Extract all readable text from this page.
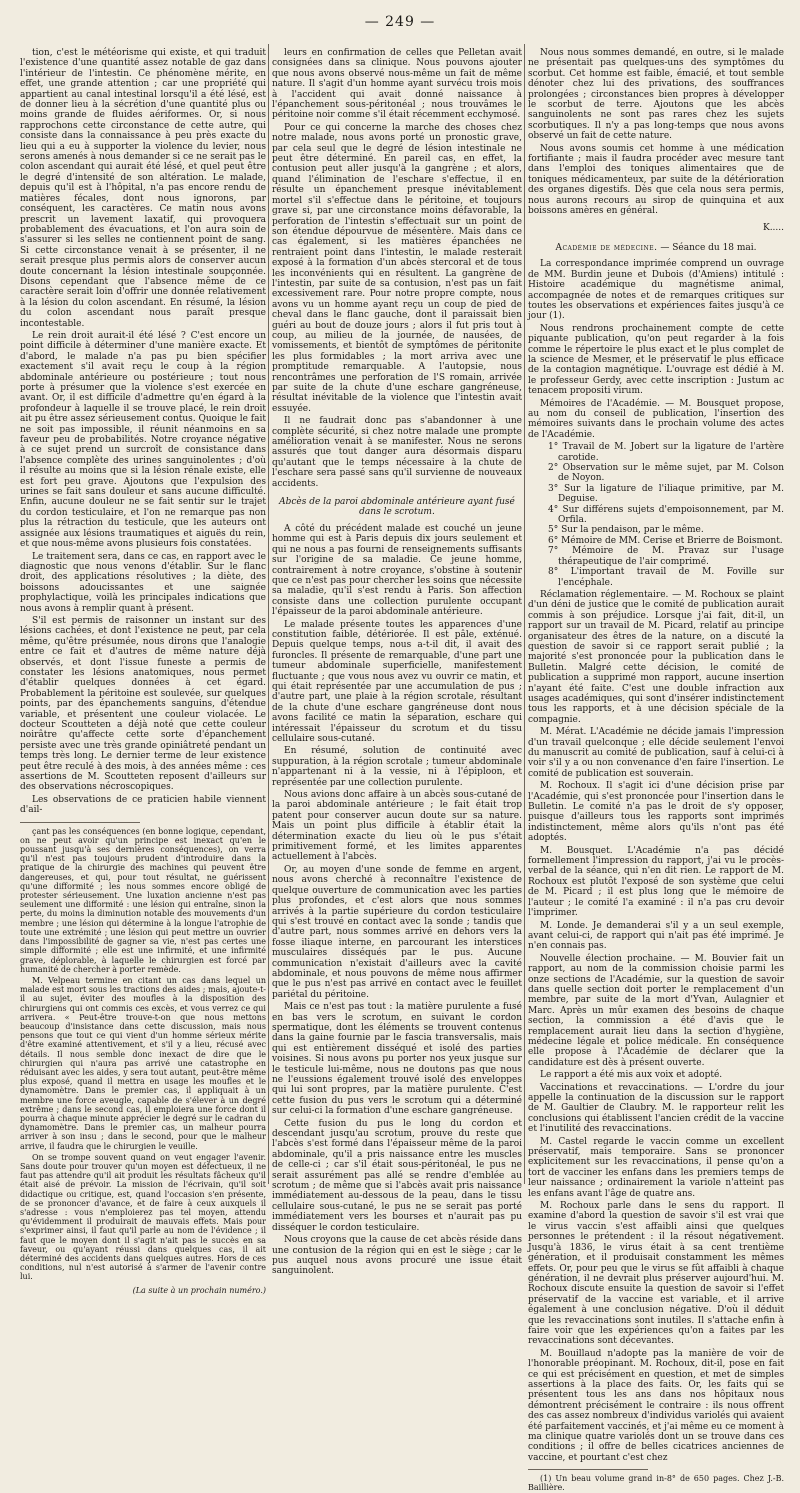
— 249 —

tion, c'est le météorisme qui existe, et qui traduit l'existence d'une quantité assez notable de gaz dans l'intérieur de l'intestin. Ce phénomène mérite, en effet, une grande attention ; car une propriété qui appartient au canal intestinal lorsqu'il a été lésé, est de donner lieu à la sécrétion d'une quantité plus ou moins grande de fluides aériformes. Or, si nous rapprochons cette circonstance de cette autre, qui consiste dans la connaissance à peu près exacte du lieu qui a eu à supporter la violence du levier, nous serons amenés à nous demander si ce ne serait pas le colon ascendant qui aurait été lésé, et quel peut être le degré d'intensité de son altération. Le malade, depuis qu'il est à l'hôpital, n'a pas encore rendu de matières fécales, dont nous ignorons, par conséquent, les caractères. Ce matin nous avons prescrit un lavement laxatif, qui provoquera probablement des évacuations, et l'on aura soin de s'assurer si les selles ne contiennent point de sang. Si cette circonstance venait à se présenter, il ne serait presque plus permis alors de conserver aucun doute concernant la lésion intestinale soupçonnée. Disons cependant que l'absence même de ce caractère serait loin d'offrir une donnée relativement à la lésion du colon ascendant. En résumé, la lésion du colon ascendant nous paraît presque incontestable.

Le rein droit aurait-il été lésé ? C'est encore un point difficile à déterminer d'une manière exacte. Et d'abord, le malade n'a pas pu bien spécifier exactement s'il avait reçu le coup à la région abdominale antérieure ou postérieure ; tout nous porte à présumer que la violence s'est exercée en avant. Or, il est difficile d'admettre qu'en égard à la profondeur à laquelle il se trouve placé, le rein droit ait pu être assez sérieusement contus. Quoique le fait ne soit pas impossible, il réunit néanmoins en sa faveur peu de probabilités. Notre croyance négative à ce sujet prend un surcroît de consistance dans l'absence complète des urines sanguinolentes ; d'où il résulte au moins que si la lésion rénale existe, elle est fort peu grave. Ajoutons que l'expulsion des urines se fait sans douleur et sans aucune difficulté. Enfin, aucune douleur ne se fait sentir sur le trajet du cordon testiculaire, et l'on ne remarque pas non plus la rétraction du testicule, que les auteurs ont assignée aux lésions traumatiques et aiguës du rein, et que nous-même avons plusieurs fois constatées.

Le traitement sera, dans ce cas, en rapport avec le diagnostic que nous venons d'établir. Sur le flanc droit, des applications résolutives ; la diète, des boissons adoucissantes et une saignée prophylactique, voilà les principales indications que nous avons à remplir quant à présent.

S'il est permis de raisonner un instant sur des lésions cachées, et dont l'existence ne peut, par cela même, qu'être présumée, nous dirons que l'analogie entre ce fait et d'autres de même nature déjà observés, et dont l'issue funeste a permis de constater les lésions anatomiques, nous permet d'établir quelques données à cet égard. Probablement la péritoine est soulevée, sur quelques points, par des épanchements sanguins, d'étendue variable, et présentent une couleur violacée. Le docteur Scoutteten a déjà noté que cette couleur noirâtre qu'affecte cette sorte d'épanchement persiste avec une très grande opiniâtreté pendant un temps très long. Le dernier terme de leur existence peut être reculé à des mois, à des années même : ces assertions de M. Scoutteten reposent d'ailleurs sur des observations nécroscopiques.

Les observations de ce praticien habile viennent d'ail-

çant pas les conséquences (en bonne logique, cependant, on ne peut avoir qu'un principe est inexact qu'en le poussant jusqu'à ses dernières conséquences), on verra qu'il n'est pas toujours prudent d'introduire dans la pratique de la chirurgie des machines qui peuvent être dangereuses, et qui, pour tout résultat, ne guérissent qu'une difformité ; les nous sommes encore obligé de protester sérieusement. Une luxation ancienne n'est pas seulement une difformité : une lésion qui entraîne, sinon la perte, du moins la diminution notable des mouvements d'un membre ; une lésion qui détermine à la longue l'atrophie de toute une extrémité ; une lésion qui peut mettre un ouvrier dans l'impossibilité de gagner sa vie, n'est pas certes une simple difformité ; elle est une infirmité, et une infirmité grave, déplorable, à laquelle le chirurgien est forcé par humanité de chercher à porter remède.

M. Velpeau termine en citant un cas dans lequel un malade est mort sous les tractions des aides ; mais, ajoute-t-il au sujet, éviter des moufles à la disposition des chirurgiens qui ont commis ces excès, et vous verrez ce qui arrivera. « Peut-être trouve-t-on que nous mettons beaucoup d'insistance dans cette discussion, mais nous pensons que tout ce qui vient d'un homme sérieux mérite d'être examiné attentivement, et s'il y a lieu, récusé avec détails. Il nous semble donc inexact de dire que le chirurgien qui n'aura pas arrivé une catastrophe en réduisant avec les aides, y sera tout autant, peut-être même plus exposé, quand il mettra en usage les moufles et le dynamomètre. Dans le premier cas, il appliquait à un membre une force aveugle, capable de s'élever à un degré extrême ; dans le second cas, il emploiera une force dont il pourra à chaque minute apprécier le degré sur le cadran du dynamomètre. Dans le premier cas, un malheur pourra arriver à son insu ; dans le second, pour que le malheur arrive, il faudra que le chirurgien le veuille.

On se trompe souvent quand on veut engager l'avenir. Sans doute pour trouver qu'un moyen est défectueux, il ne faut pas attendre qu'il ait produit les résultats fâcheux qu'il était aisé de prévoir. La mission de l'écrivain, qu'il soit didactique ou critique, est, quand l'occasion s'en présente, de se prononcer d'avance, et de faire à ceux auxquels il s'adresse : vous n'emploierez pas tel moyen, attendu qu'évidemment il produirait de mauvais effets. Mais pour s'exprimer ainsi, il faut qu'il parle au nom de l'évidence ; il faut que le moyen dont il s'agit n'ait pas le succès en sa faveur, ou qu'ayant réussi dans quelques cas, il ait déterminé des accidents dans quelques autres. Hors de ces conditions, nul n'est autorisé à s'armer de l'avenir contre lui.

(La suite à un prochain numéro.)

leurs en confirmation de celles que Pelletan avait consignées dans sa clinique. Nous pouvons ajouter que nous avons observé nous-même un fait de même nature. Il s'agit d'un homme ayant survécu trois mois à l'accident qui avait donné naissance à l'épanchement sous-péritonéal ; nous trouvâmes le péritoine noir comme s'il était récemment ecchymosé.

Pour ce qui concerne la marche des choses chez notre malade, nous avons porté un pronostic grave, par cela seul que le degré de lésion intestinale ne peut être déterminé. En pareil cas, en effet, la contusion peut aller jusqu'à la gangrène ; et alors, quand l'élimination de l'eschare s'effectue, il en résulte un épanchement presque inévitablement mortel s'il s'effectue dans le péritoine, et toujours grave si, par une circonstance moins défavorable, la perforation de l'intestin s'effectuait sur un point de son étendue dépourvue de mésentère. Mais dans ce cas également, si les matières épanchées ne rentraient point dans l'intestin, le malade resterait exposé à la formation d'un abcès stercoral et de tous les inconvénients qui en résultent. La gangrène de l'intestin, par suite de sa contusion, n'est pas un fait excessivement rare. Pour notre propre compte, nous avons vu un homme ayant reçu un coup de pied de cheval dans le flanc gauche, dont il paraissait bien guéri au bout de douze jours ; alors il fut pris tout à coup, au milieu de la journée, de nausées, de vomissements, et bientôt de symptômes de péritonite les plus formidables ; la mort arriva avec une promptitude remarquable. A l'autopsie, nous rencontrâmes une perforation de l'S romain, arrivée par suite de la chute d'une eschare gangréneuse, résultat inévitable de la violence que l'intestin avait essuyée.

Il ne faudrait donc pas s'abandonner à une complète sécurité, si chez notre malade une prompte amélioration venait à se manifester. Nous ne serons assurés que tout danger aura désormais disparu qu'autant que le temps nécessaire à la chute de l'eschare sera passé sans qu'il survienne de nouveaux accidents.

Abcès de la paroi abdominale antérieure ayant fusé dans le scrotum.

A côté du précédent malade est couché un jeune homme qui est à Paris depuis dix jours seulement et qui ne nous a pas fourni de renseignements suffisants sur l'origine de sa maladie. Ce jeune homme, contrairement à notre croyance, s'obstine à soutenir que ce n'est pas pour chercher les soins que nécessite sa maladie, qu'il s'est rendu à Paris. Son affection consiste dans une collection purulente occupant l'épaisseur de la paroi abdominale antérieure.

Le malade présente toutes les apparences d'une constitution faible, détériorée. Il est pâle, exténué. Depuis quelque temps, nous a-t-il dit, il avait des furoncles. Il présente de remarquable, d'une part une tumeur abdominale superficielle, manifestement fluctuante ; que vous nous avez vu ouvrir ce matin, et qui était représentée par une accumulation de pus ; d'autre part, une plaie à la région scrotale, résultant de la chute d'une eschare gangréneuse dont nous avons facilité ce matin la séparation, eschare qui intéressait l'épaisseur du scrotum et du tissu cellulaire sous-cutané.

En résumé, solution de continuité avec suppuration, à la région scrotale ; tumeur abdominale n'appartenant ni à la vessie, ni à l'épiploon, et représentée par une collection purulente.

Nous avions donc affaire à un abcès sous-cutané de la paroi abdominale antérieure ; le fait était trop patent pour conserver aucun doute sur sa nature. Mais un point plus difficile à établir était la détermination exacte du lieu où le pus s'était primitivement formé, et les limites apparentes actuellement à l'abcès.

Or, au moyen d'une sonde de femme en argent, nous avons cherché à reconnaître l'existence de quelque ouverture de communication avec les parties plus profondes, et c'est alors que nous sommes arrivés à la partie supérieure du cordon testiculaire qui s'est trouvé en contact avec la sonde ; tandis que d'autre part, nous sommes arrivé en dehors vers la fosse iliaque interne, en parcourant les interstices musculaires disséqués par le pus. Aucune communication n'existait d'ailleurs avec la cavité abdominale, et nous pouvons de même nous affirmer que le pus n'est pas arrivé en contact avec le feuillet pariétal du péritoine.

Mais ce n'est pas tout : la matière purulente a fusé en bas vers le scrotum, en suivant le cordon spermatique, dont les éléments se trouvent contenus dans la gaine fournie par le fascia transversalis, mais qui est entièrement disséqué et isolé des parties voisines. Si nous avons pu porter nos yeux jusque sur le testicule lui-même, nous ne doutons pas que nous ne l'eussions également trouvé isolé des enveloppes qui lui sont propres, par la matière purulente. C'est cette fusion du pus vers le scrotum qui a déterminé sur celui-ci la formation d'une eschare gangréneuse.

Cette fusion du pus le long du cordon et descendant jusqu'au scrotum, prouve du reste que l'abcès s'est formé dans l'épaisseur même de la paroi abdominale, qu'il a pris naissance entre les muscles de celle-ci ; car s'il était sous-péritonéal, le pus ne serait assurément pas allé se rendre d'emblée au scrotum ; de même que si l'abcès avait pris naissance immédiatement au-dessous de la peau, dans le tissu cellulaire sous-cutané, le pus ne se serait pas porté immédiatement vers les bourses et n'aurait pas pu disséquer le cordon testiculaire.

Nous croyons que la cause de cet abcès réside dans une contusion de la région qui en est le siège ; car le pus auquel nous avons procuré une issue était sanguinolent.

Nous nous sommes demandé, en outre, si le malade ne présentait pas quelques-uns des symptômes du scorbut. Cet homme est faible, émacié, et tout semble dénoter chez lui des privations, des souffrances prolongées ; circonstances bien propres à développer le scorbut de terre. Ajoutons que les abcès sanguinolents ne sont pas rares chez les sujets scorbutiques. Il n'y a pas long-temps que nous avons observé un fait de cette nature.

Nous avons soumis cet homme à une médication fortifiante ; mais il faudra procéder avec mesure tant dans l'emploi des toniques alimentaires que de toniques médicamenteux, par suite de la détérioration des organes digestifs. Dès que cela nous sera permis, nous aurons recours au sirop de quinquina et aux boissons amères en général.

K.....

Académie de médecine. — Séance du 18 mai.

La correspondance imprimée comprend un ouvrage de MM. Burdin jeune et Dubois (d'Amiens) intitulé : Histoire académique du magnétisme animal, accompagnée de notes et de remarques critiques sur toutes les observations et expériences faites jusqu'à ce jour (1).

Nous rendrons prochainement compte de cette piquante publication, qu'on peut regarder à la fois comme le répertoire le plus exact et le plus complet de la science de Mesmer, et le préservatif le plus efficace de la contagion magnétique. L'ouvrage est dédié à M. le professeur Gerdy, avec cette inscription : Justum ac tenacem propositi virum.

Mémoires de l'Académie. — M. Bousquet propose, au nom du conseil de publication, l'insertion des mémoires suivants dans le prochain volume des actes de l'Académie.

1° Travail de M. Jobert sur la ligature de l'artère carotide.
2° Observation sur le même sujet, par M. Colson de Noyon.
3° Sur la ligature de l'iliaque primitive, par M. Deguise.
4° Sur différens sujets d'empoisonnement, par M. Orfila.
5° Sur la pendaison, par le même.
6° Mémoire de MM. Cerise et Brierre de Boismont.
7° Mémoire de M. Pravaz sur l'usage thérapeutique de l'air comprimé.
8° L'important travail de M. Foville sur l'encéphale.

Réclamation réglementaire. — M. Rochoux se plaint d'un déni de justice que le comité de publication aurait commis à son préjudice. Lorsque j'ai fait, dit-il, un rapport sur un travail de M. Picard, relatif au principe organisateur des êtres de la nature, on a discuté la question de savoir si ce rapport serait publié ; la majorité s'est prononcée pour la publication dans le Bulletin. Malgré cette décision, le comité de publication a supprimé mon rapport, aucune insertion n'ayant été faite. C'est une double infraction aux usages académiques, qui sont d'insérer indistinctement tous les rapports, et à une décision spéciale de la compagnie.

M. Mérat. L'Académie ne décide jamais l'impression d'un travail quelconque ; elle décide seulement l'envoi du manuscrit au comité de publication, sauf à celui-ci à voir s'il y a ou non convenance d'en faire l'insertion. Le comité de publication est souverain.

M. Rochoux. Il s'agit ici d'une décision prise par l'Académie, qui s'est prononcée pour l'insertion dans le Bulletin. Le comité n'a pas le droit de s'y opposer, puisque d'ailleurs tous les rapports sont imprimés indistinctement, même alors qu'ils n'ont pas été adoptés.

M. Bousquet. L'Académie n'a pas décidé formellement l'impression du rapport, j'ai vu le procès-verbal de la séance, qui n'en dit rien. Le rapport de M. Rochoux est plutôt l'exposé de son système que celui de M. Picard ; il est plus long que le mémoire de l'auteur ; le comité l'a examiné : il n'a pas cru devoir l'imprimer.

M. Londe. Je demanderai s'il y a un seul exemple, avant celui-ci, de rapport qui n'ait pas été imprimé. Je n'en connais pas.

Nouvelle élection prochaine. — M. Bouvier fait un rapport, au nom de la commission choisie parmi les onze sections de l'Académie, sur la question de savoir dans quelle section doit porter le remplacement d'un membre, par suite de la mort d'Yvan, Aulagnier et Marc. Après un mûr examen des besoins de chaque section, la commission a été d'avis que le remplacement aurait lieu dans la section d'hygiène, médecine légale et police médicale. En conséquence elle propose à l'Académie de déclarer que la candidature est dès à présent ouverte.

Le rapport a été mis aux voix et adopté.

Vaccinations et revaccinations. — L'ordre du jour appelle la continuation de la discussion sur le rapport de M. Gaultier de Claubry. M. le rapporteur relit les conclusions qui établissent l'ancien crédit de la vaccine et l'inutilité des revaccinations.

M. Castel regarde le vaccin comme un excellent préservatif, mais temporaire. Sans se prononcer explicitement sur les revaccinations, il pense qu'on a tort de vacciner les enfans dans les premiers temps de leur naissance ; ordinairement la variole n'atteint pas les enfans avant l'âge de quatre ans.

M. Rochoux parle dans le sens du rapport. Il examine d'abord la question de savoir s'il est vrai que le virus vaccin s'est affaibli ainsi que quelques personnes le prétendent : il la résout négativement. Jusqu'à 1836, le virus était à sa cent trentième génération, et il produisait constamment les mêmes effets. Or, pour peu que le virus se fût affaibli à chaque génération, il ne devrait plus préserver aujourd'hui. M. Rochoux discute ensuite la question de savoir si l'effet préservatif de la vaccine est variable, et il arrive également à une conclusion négative. D'où il déduit que les revaccinations sont inutiles. Il s'attache enfin à faire voir que les expériences qu'on a faites par les revaccinations sont décevantes.

M. Bouillaud n'adopte pas la manière de voir de l'honorable préopinant. M. Rochoux, dit-il, pose en fait ce qui est précisément en question, et met de simples assertions à la place des faits. Or, les faits qui se présentent tous les ans dans nos hôpitaux nous démontrent précisément le contraire : ils nous offrent des cas assez nombreux d'individus variolés qui avaient été parfaitement vaccinés, et j'ai même eu ce moment à ma clinique quatre variolés dont un se trouve dans ces conditions ; il offre de belles cicatrices anciennes de vaccine, et pourtant c'est chez

(1) Un beau volume grand in-8° de 650 pages. Chez J.-B. Baillière.
